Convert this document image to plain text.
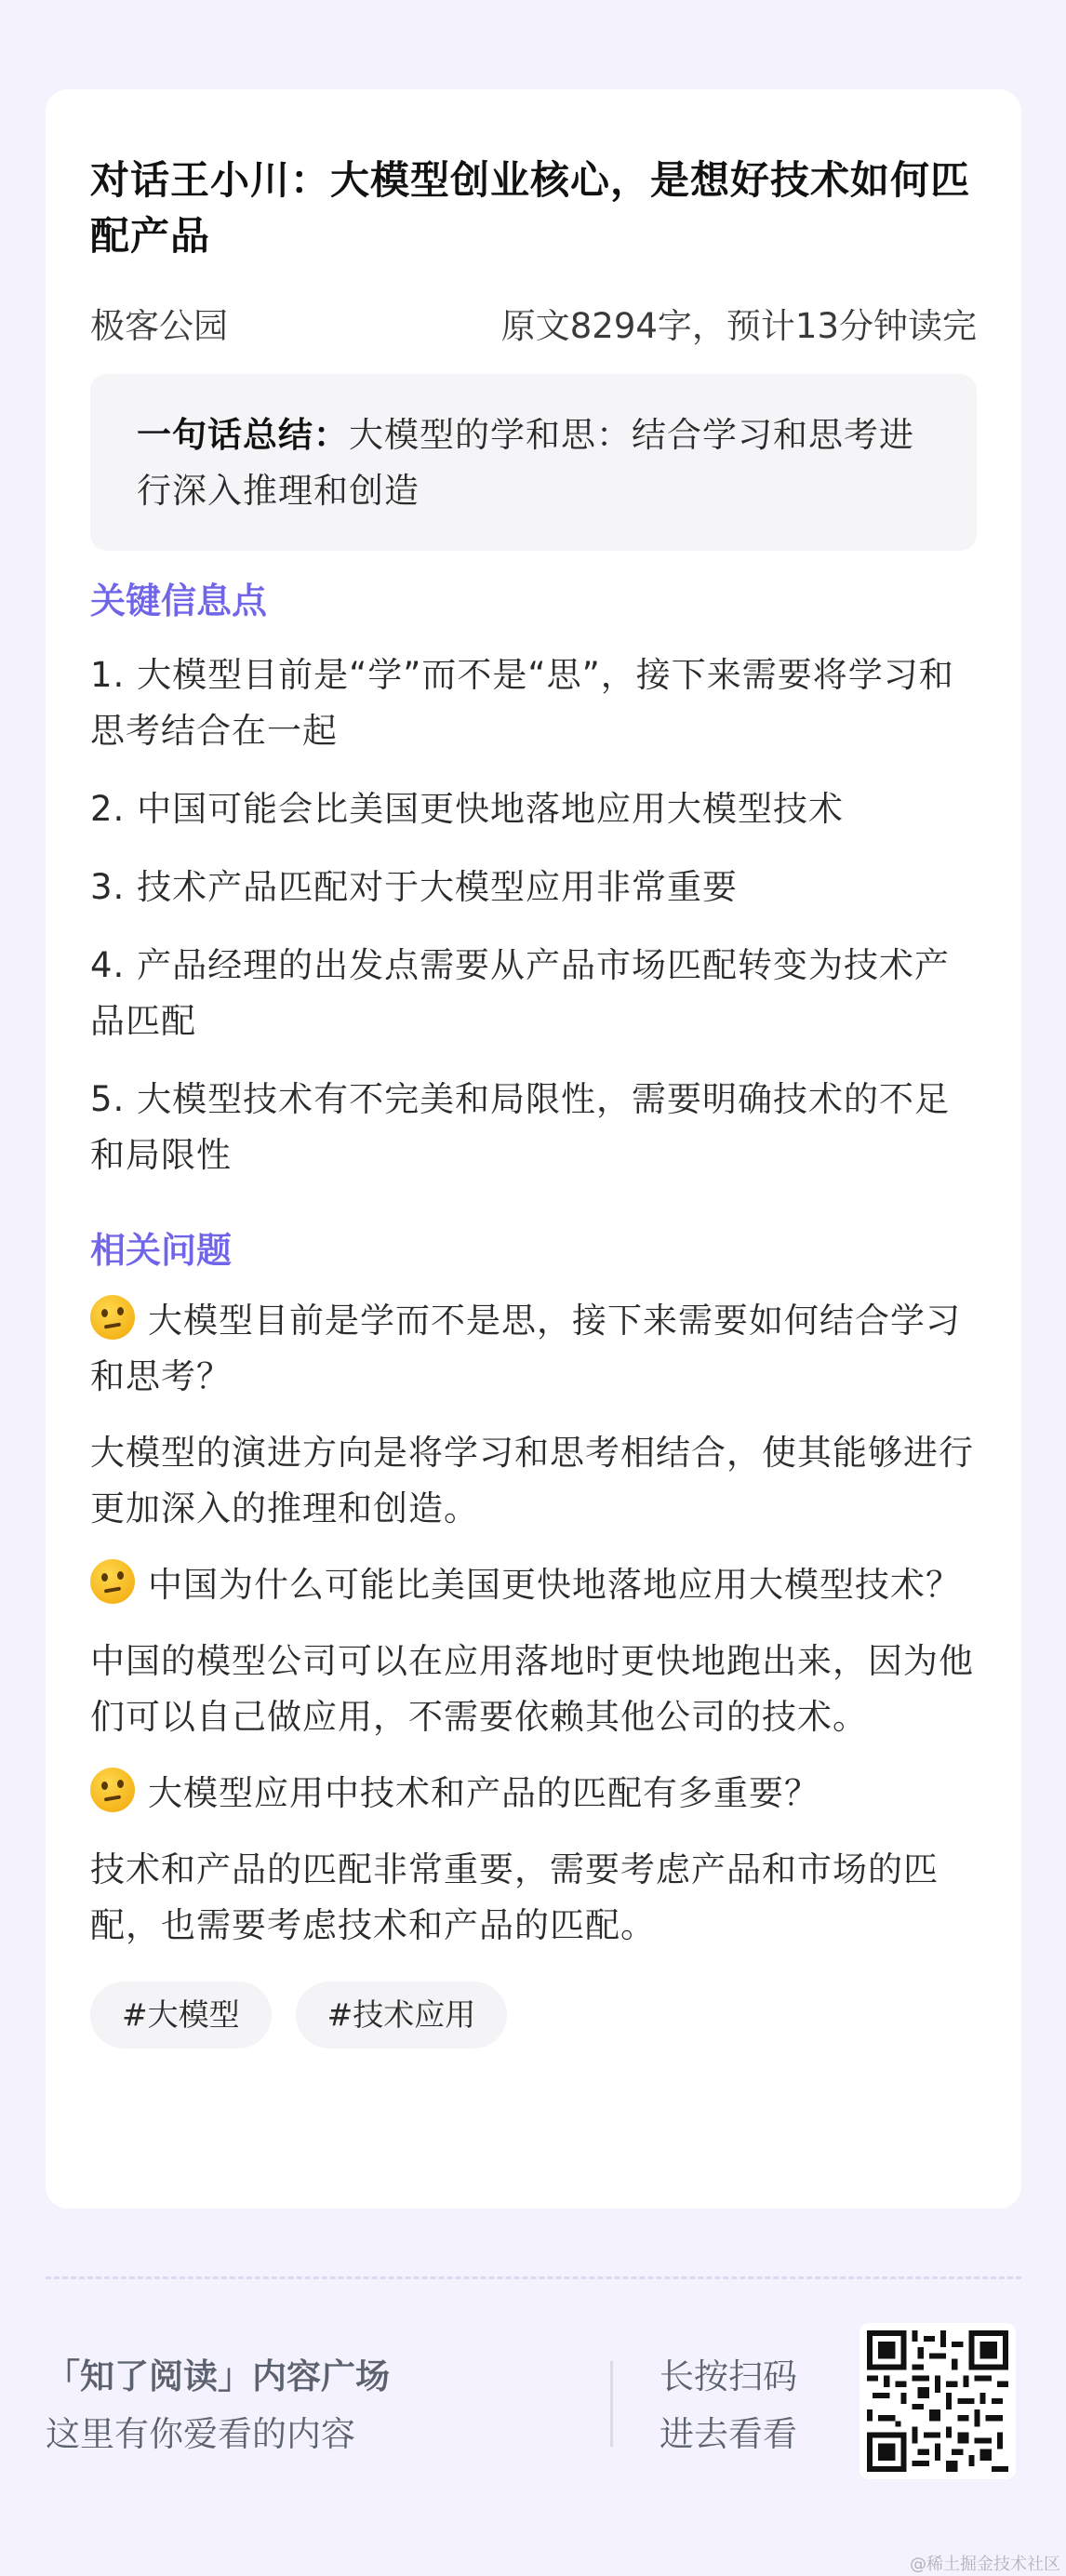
对话王小川：大模型创业核心，是想好技术如何匹配产品
极客公园	原文8294字，预计13分钟读完
一句话总结：大模型的学和思：结合学习和思考进行深入推理和创造
关键信息点

1. 大模型目前是“学”而不是“思”，接下来需要将学习和思考结合在一起

2. 中国可能会比美国更快地落地应用大模型技术

3. 技术产品匹配对于大模型应用非常重要

4. 产品经理的出发点需要从产品市场匹配转变为技术产品匹配

5. 大模型技术有不完美和局限性，需要明确技术的不足和局限性

相关问题
大模型目前是学而不是思，接下来需要如何结合学习和思考？

大模型的演进方向是将学习和思考相结合，使其能够进行更加深入的推理和创造。

中国为什么可能比美国更快地落地应用大模型技术？

中国的模型公司可以在应用落地时更快地跑出来，因为他们可以自己做应用，不需要依赖其他公司的技术。

大模型应用中技术和产品的匹配有多重要？

技术和产品的匹配非常重要，需要考虑产品和市场的匹配，也需要考虑技术和产品的匹配。

#大模型	#技术应用
「知了阅读」内容广场
这里有你爱看的内容
长按扫码
进去看看
@稀土掘金技术社区
